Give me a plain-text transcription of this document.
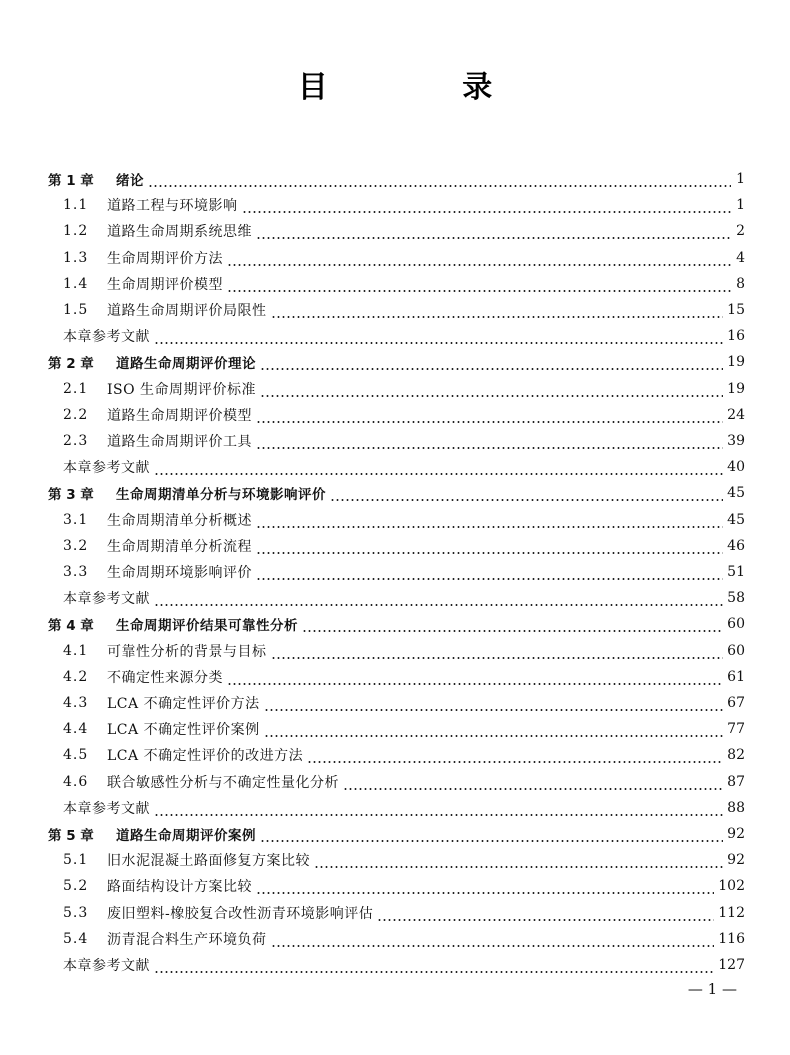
目 录
第 1 章	绪论	1
1.1	道路工程与环境影响	1
1.2	道路生命周期系统思维	2
1.3	生命周期评价方法	4
1.4	生命周期评价模型	8
1.5	道路生命周期评价局限性	15
本章参考文献	16
第 2 章	道路生命周期评价理论	19
2.1	ISO 生命周期评价标准	19
2.2	道路生命周期评价模型	24
2.3	道路生命周期评价工具	39
本章参考文献	40
第 3 章	生命周期清单分析与环境影响评价	45
3.1	生命周期清单分析概述	45
3.2	生命周期清单分析流程	46
3.3	生命周期环境影响评价	51
本章参考文献	58
第 4 章	生命周期评价结果可靠性分析	60
4.1	可靠性分析的背景与目标	60
4.2	不确定性来源分类	61
4.3	LCA 不确定性评价方法	67
4.4	LCA 不确定性评价案例	77
4.5	LCA 不确定性评价的改进方法	82
4.6	联合敏感性分析与不确定性量化分析	87
本章参考文献	88
第 5 章	道路生命周期评价案例	92
5.1	旧水泥混凝土路面修复方案比较	92
5.2	路面结构设计方案比较	102
5.3	废旧塑料-橡胶复合改性沥青环境影响评估	112
5.4	沥青混合料生产环境负荷	116
本章参考文献	127
— 1 —
